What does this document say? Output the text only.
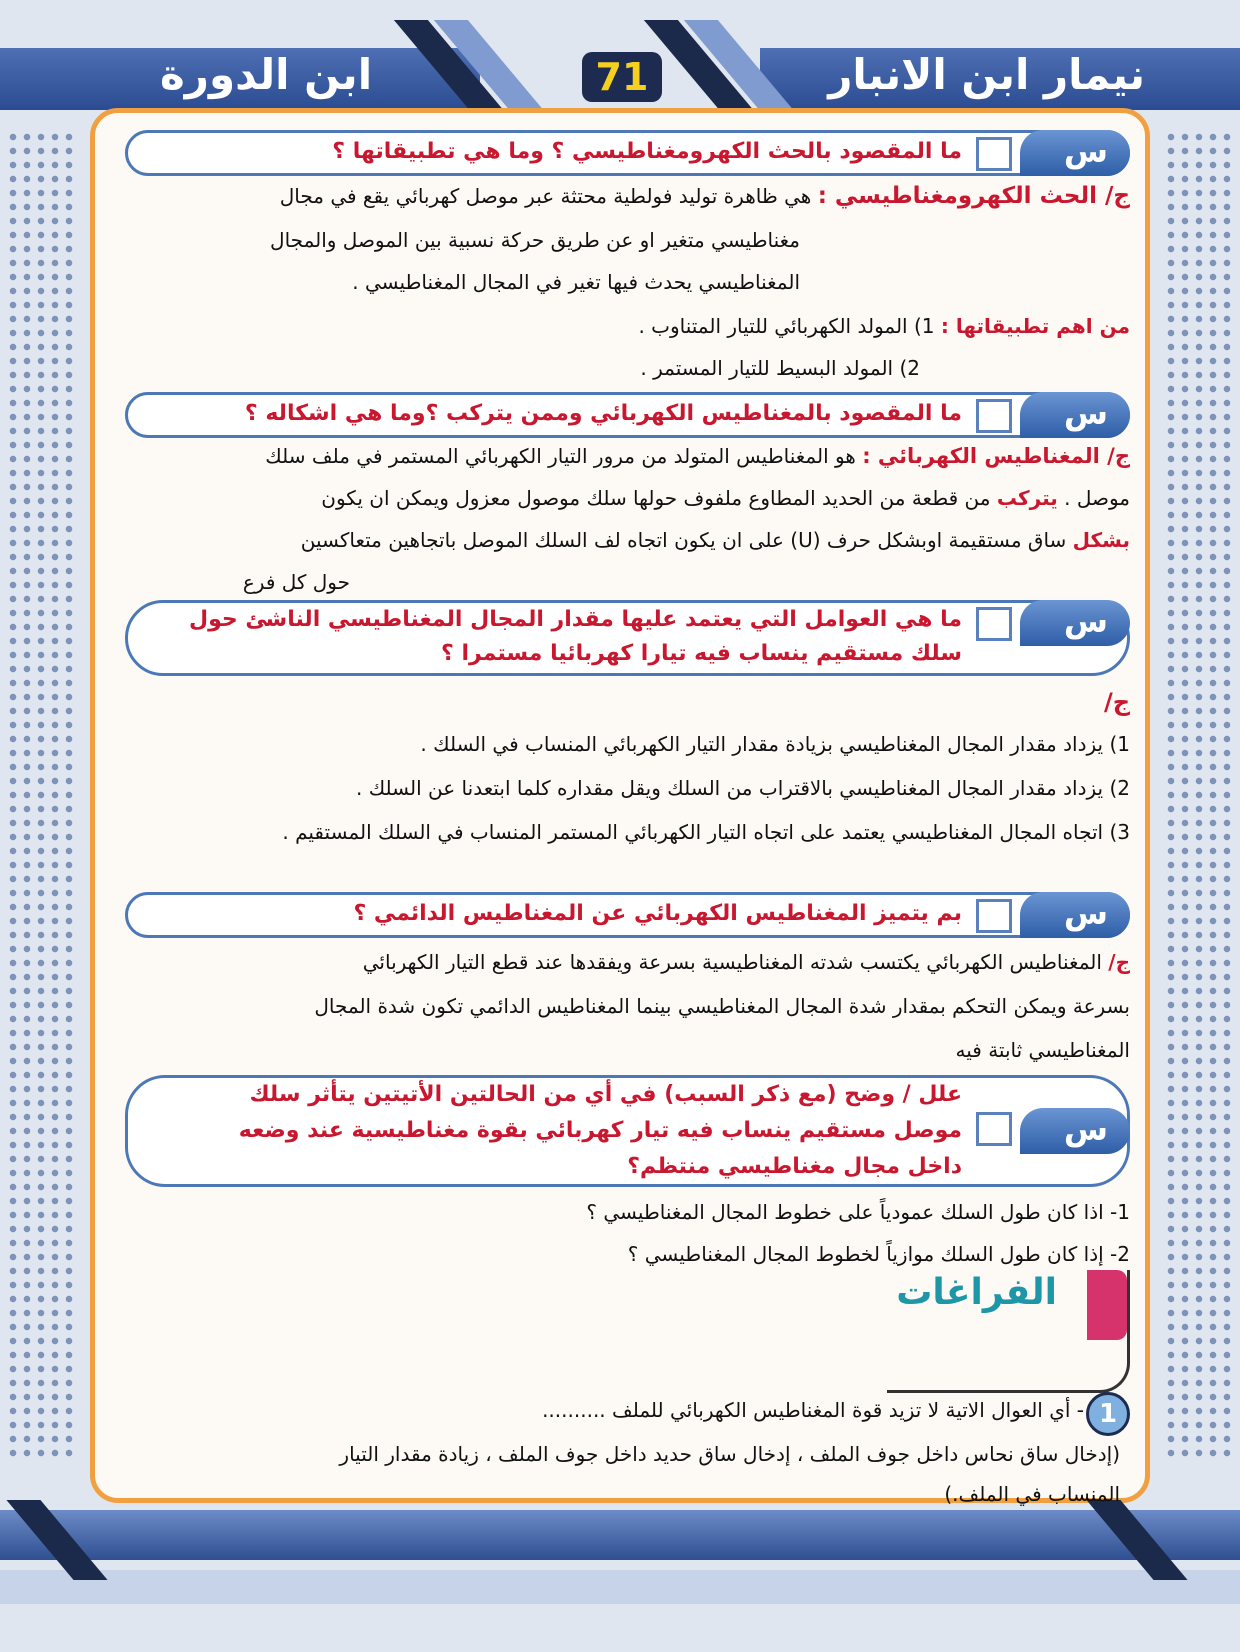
نيمار ابن الانبار
ابن الدورة	71
س
ما المقصود بالحث الكهرومغناطيسي ؟ وما هي تطبيقاتها ؟
ج/ الحث الكهرومغناطيسي : هي ظاهرة توليد فولطية محتثة عبر موصل كهربائي يقع في مجال
مغناطيسي متغير او عن طريق حركة نسبية بين الموصل والمجال
المغناطيسي يحدث فيها تغير في المجال المغناطيسي .
من اهم تطبيقاتها : 1) المولد الكهربائي للتيار المتناوب .
2) المولد البسيط للتيار المستمر .
س
ما المقصود بالمغناطيس الكهربائي وممن يتركب ؟وما هي اشكاله ؟
ج/ المغناطيس الكهربائي : هو المغناطيس المتولد من مرور التيار الكهربائي المستمر في ملف سلك
موصل . يتركب من قطعة من الحديد المطاوع ملفوف حولها سلك موصول معزول ويمكن ان يكون
بشكل ساق مستقيمة اوبشكل حرف (U) على ان يكون اتجاه لف السلك الموصل باتجاهين متعاكسين
حول كل فرع
س
ما هي العوامل التي يعتمد عليها مقدار المجال المغناطيسي الناشئ حول
سلك مستقيم ينساب فيه تيارا كهربائيا مستمرا ؟
ج/
1) يزداد مقدار المجال المغناطيسي بزيادة مقدار التيار الكهربائي المنساب في السلك .
2) يزداد مقدار المجال المغناطيسي بالاقتراب من السلك ويقل مقداره كلما ابتعدنا عن السلك .
3) اتجاه المجال المغناطيسي يعتمد على اتجاه التيار الكهربائي المستمر المنساب في السلك المستقيم .
س
بم يتميز المغناطيس الكهربائي عن المغناطيس الدائمي ؟
ج/ المغناطيس الكهربائي يكتسب شدته المغناطيسية بسرعة ويفقدها عند قطع التيار الكهربائي
بسرعة ويمكن التحكم بمقدار شدة المجال المغناطيسي بينما المغناطيس الدائمي تكون شدة المجال
المغناطيسي ثابتة فيه
س
علل / وضح (مع ذكر السبب) في أي من الحالتين الأتيتين يتأثر سلك
موصل مستقيم ينساب فيه تيار كهربائي بقوة مغناطيسية عند وضعه
داخل مجال مغناطيسي منتظم؟
1- اذا كان طول السلك عمودياً على خطوط المجال المغناطيسي ؟
2- إذا كان طول السلك موازياً لخطوط المجال المغناطيسي ؟
الفراغات
1
- أي العوال الاتية لا تزيد قوة المغناطيس الكهربائي للملف ..........
(إدخال ساق نحاس داخل جوف الملف ، إدخال ساق حديد داخل جوف الملف ، زيادة مقدار التيار
المنساب في الملف.)
